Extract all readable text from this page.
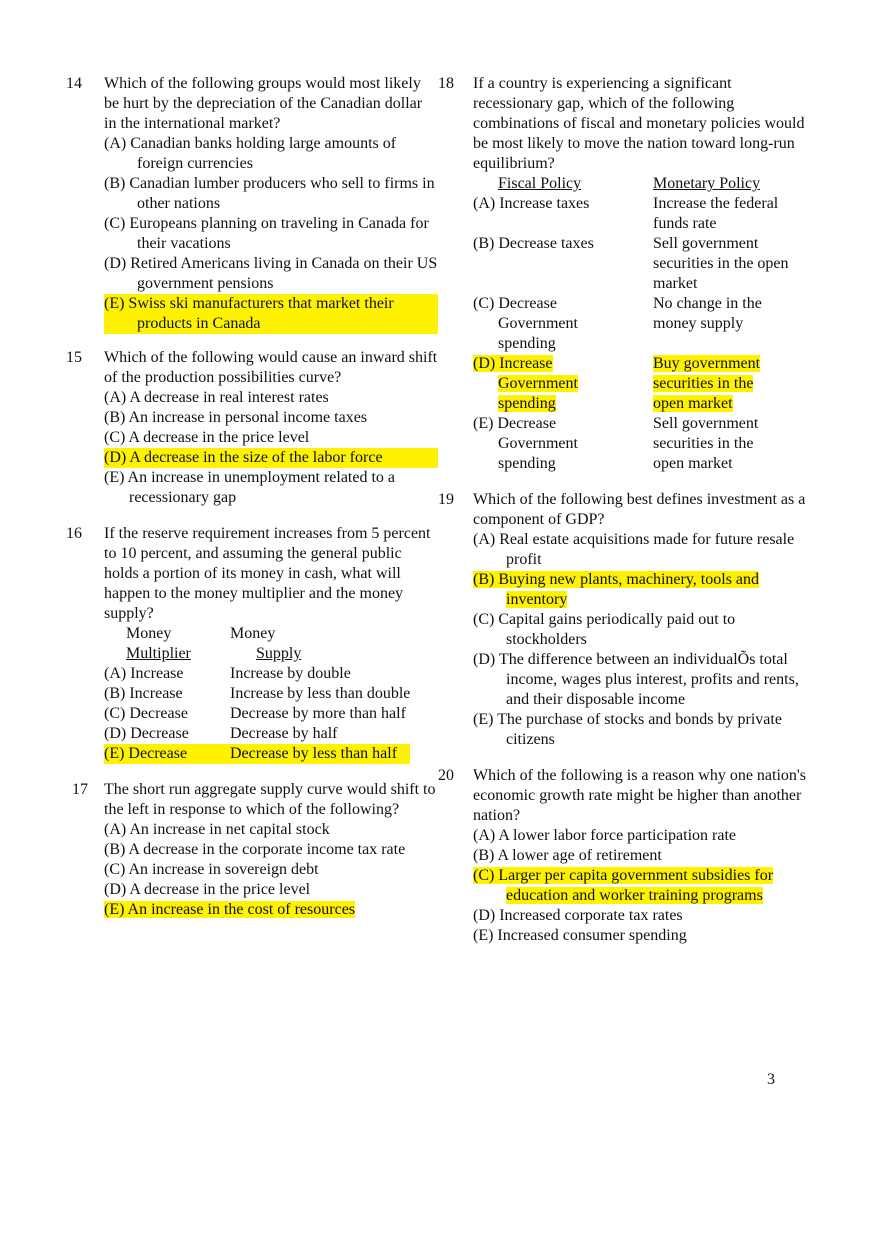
14	Which of the following groups would most likely be hurt by the depreciation of the Canadian dollar in the international market?

(A) Canadian banks holding large amounts of foreign currencies

(B) Canadian lumber producers who sell to firms in other nations

(C) Europeans planning on traveling in Canada for their vacations

(D) Retired Americans living in Canada on their US government pensions

(E) Swiss ski manufacturers that market their products in Canada

15	Which of the following would cause an inward shift of the production possibilities curve?

(A) A decrease in real interest rates

(B) An increase in personal income taxes

(C) A decrease in the price level

(D) A decrease in the size of the labor force

(E) An increase in unemployment related to a recessionary gap

16	If the reserve requirement increases from 5 percent to 10 percent, and assuming the general public holds a portion of its money in cash, what will happen to the money multiplier and the money supply?

Money	Money
Multiplier	Supply
(A) Increase	Increase by double
(B) Increase	Increase by less than double
(C) Decrease	Decrease by more than half
(D) Decrease	Decrease by half
(E) Decrease	Decrease by less than half
17	The short run aggregate supply curve would shift to the left in response to which of the following?

(A) An increase in net capital stock

(B) A decrease in the corporate income tax rate

(C) An increase in sovereign debt

(D) A decrease in the price level

(E) An increase in the cost of resources

18	If a country is experiencing a significant recessionary gap, which of the following combinations of fiscal and monetary policies would be most likely to move the nation toward long-run equilibrium?

Fiscal Policy	Monetary Policy
(A) Increase taxes	Increase the federal funds rate
(B) Decrease taxes	Sell government securities in the open market
(C) Decrease Government spending	No change in the money supply
(D) Increase Government spending	Buy government securities in the open market
(E) Decrease Government spending	Sell government securities in the open market
19	Which of the following best defines investment as a component of GDP?

(A) Real estate acquisitions made for future resale profit

(B) Buying new plants, machinery, tools and inventory

(C) Capital gains periodically paid out to stockholders

(D) The difference between an individualÕs total income, wages plus interest, profits and rents, and their disposable income

(E) The purchase of stocks and bonds by private citizens

20	Which of the following is a reason why one nation's economic growth rate might be higher than another nation?

(A) A lower labor force participation rate

(B) A lower age of retirement

(C) Larger per capita government subsidies for education and worker training programs

(D) Increased corporate tax rates

(E) Increased consumer spending

3
